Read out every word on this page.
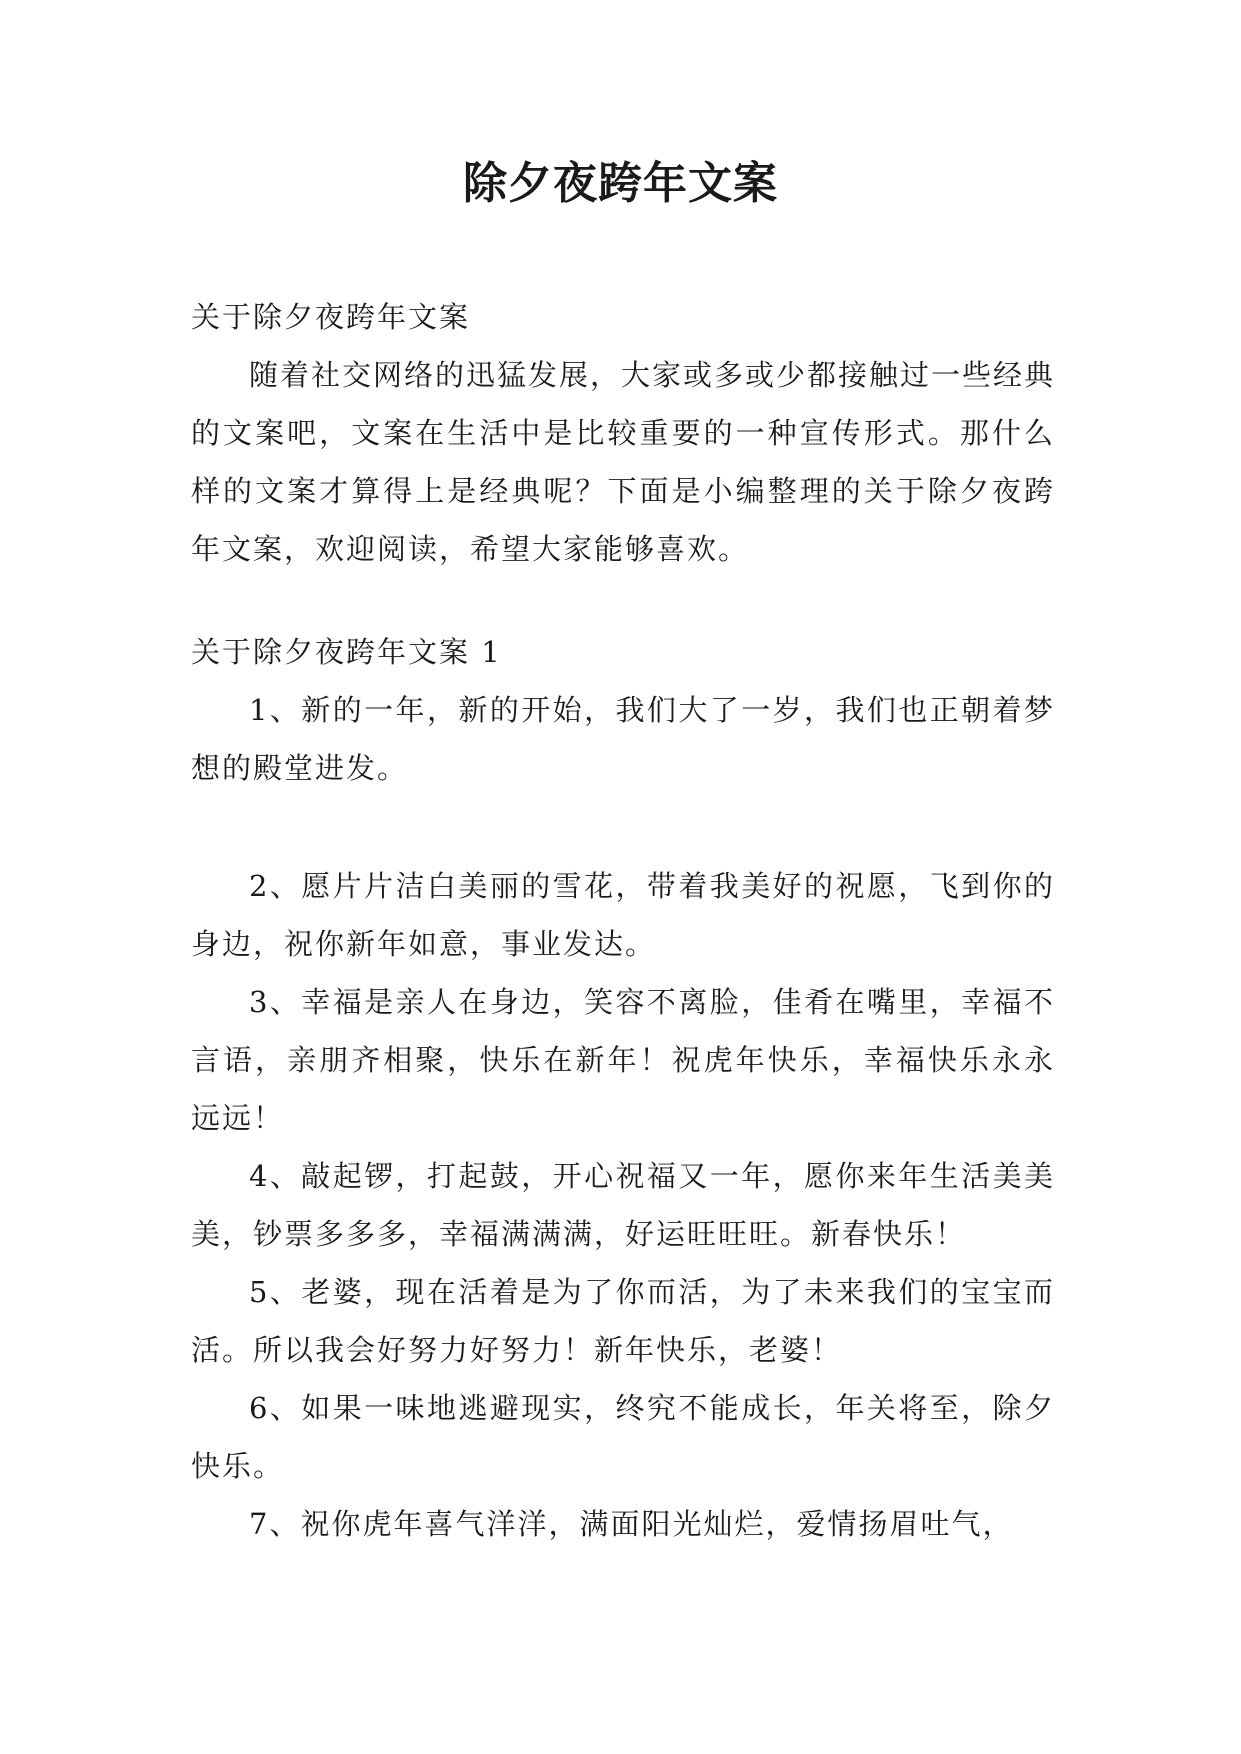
除夕夜跨年文案

关于除夕夜跨年文案

随着社交网络的迅猛发展，大家或多或少都接触过一些经典的文案吧，文案在生活中是比较重要的一种宣传形式。那什么样的文案才算得上是经典呢？下面是小编整理的关于除夕夜跨年文案，欢迎阅读，希望大家能够喜欢。

关于除夕夜跨年文案 1

1、新的一年，新的开始，我们大了一岁，我们也正朝着梦想的殿堂进发。

2、愿片片洁白美丽的雪花，带着我美好的祝愿，飞到你的身边，祝你新年如意，事业发达。

3、幸福是亲人在身边，笑容不离脸，佳肴在嘴里，幸福不言语，亲朋齐相聚，快乐在新年！祝虎年快乐，幸福快乐永永远远！

4、敲起锣，打起鼓，开心祝福又一年，愿你来年生活美美美，钞票多多多，幸福满满满，好运旺旺旺。新春快乐！

5、老婆，现在活着是为了你而活，为了未来我们的宝宝而活。所以我会好努力好努力！新年快乐，老婆！

6、如果一味地逃避现实，终究不能成长，年关将至，除夕快乐。

7、祝你虎年喜气洋洋，满面阳光灿烂，爱情扬眉吐气，
